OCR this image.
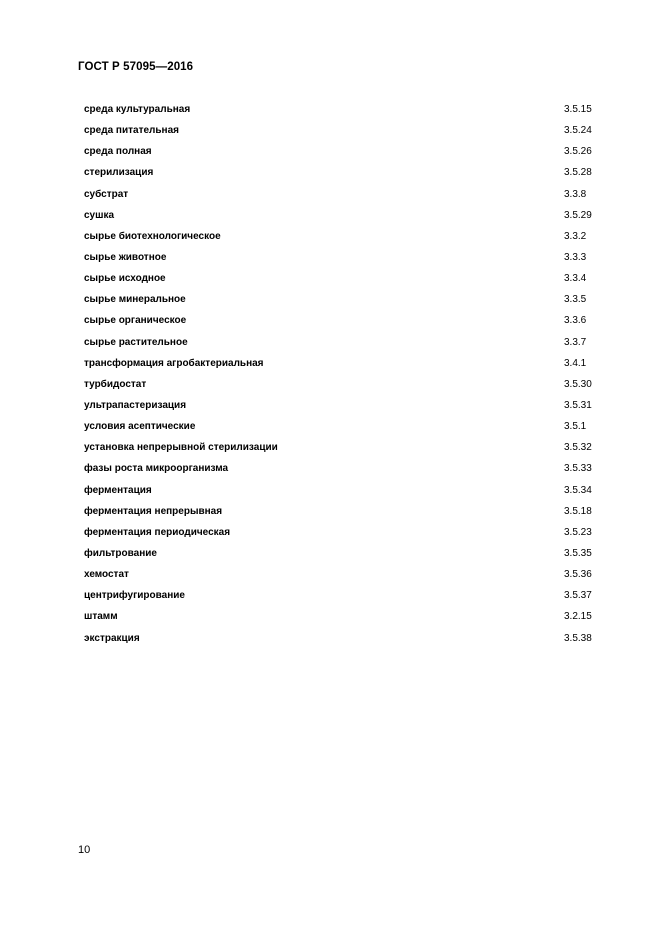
ГОСТ Р 57095—2016
среда культуральная	3.5.15
среда питательная	3.5.24
среда полная	3.5.26
стерилизация	3.5.28
субстрат	3.3.8
сушка	3.5.29
сырье биотехнологическое	3.3.2
сырье животное	3.3.3
сырье исходное	3.3.4
сырье минеральное	3.3.5
сырье органическое	3.3.6
сырье растительное	3.3.7
трансформация агробактериальная	3.4.1
турбидостат	3.5.30
ультрапастеризация	3.5.31
условия асептические	3.5.1
установка непрерывной стерилизации	3.5.32
фазы роста микроорганизма	3.5.33
ферментация	3.5.34
ферментация непрерывная	3.5.18
ферментация периодическая	3.5.23
фильтрование	3.5.35
хемостат	3.5.36
центрифугирование	3.5.37
штамм	3.2.15
экстракция	3.5.38
10
